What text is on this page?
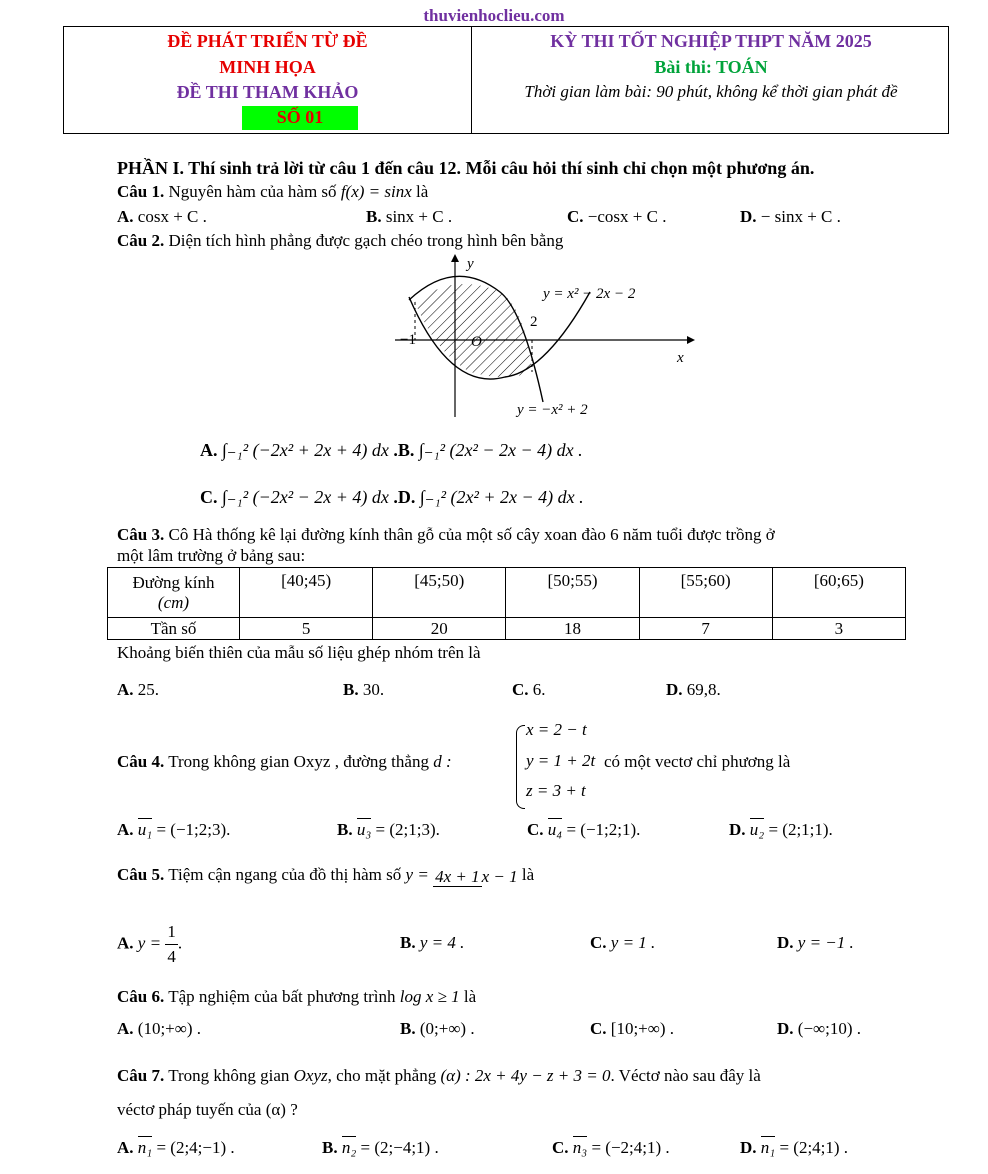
thuvienhoclieu.com
ĐỀ PHÁT TRIỂN TỪ ĐỀ
MINH HỌA
ĐỀ THI THAM KHẢO
SỐ 01
KỲ THI TỐT NGHIỆP THPT NĂM 2025
Bài thi: TOÁN
Thời gian làm bài: 90 phút, không kể thời gian phát đề
PHẦN I. Thí sinh trả lời từ câu 1 đến câu 12. Mỗi câu hỏi thí sinh chỉ chọn một phương án.
Câu 1. Nguyên hàm của hàm số f(x) = sinx là
A. cosx + C .	B. sinx + C .	C. −cosx + C .	D. − sinx + C .
Câu 2. Diện tích hình phẳng được gạch chéo trong hình bên bằng
y
x
O
−1
2
y = x² − 2x − 2
y = −x² + 2
A. ∫₋₁² (−2x² + 2x + 4) dx .B. ∫₋₁² (2x² − 2x − 4) dx .
C. ∫₋₁² (−2x² − 2x + 4) dx .D. ∫₋₁² (2x² + 2x − 4) dx .
Câu 3. Cô Hà thống kê lại đường kính thân gỗ của một số cây xoan đào 6 năm tuổi được trồng ở
một lâm trường ở bảng sau:
Đường kính
(cm)	[40;45)	[45;50)	[50;55)	[55;60)	[60;65)
Tần số	5	20	18	7	3
Khoảng biến thiên của mẫu số liệu ghép nhóm trên là
A. 25.	B. 30.	C. 6.	D. 69,8.
Câu 4. Trong không gian Oxyz , đường thẳng d :
x = 2 − t
y = 1 + 2t
z = 3 + t
có một vectơ chỉ phương là
A. u₁ = (−1;2;3).	B. u₃ = (2;1;3).	C. u₄ = (−1;2;1).	D. u₂ = (2;1;1).
Câu 5. Tiệm cận ngang của đồ thị hàm số y = 4x + 1 x − 1 là
A. $y = \frac{1}{4}$ .	B. y = 4 .	C. y = 1 .	D. y = −1 .
Câu 6. Tập nghiệm của bất phương trình log x ≥ 1 là
A. (10;+∞) .	B. (0;+∞) .	C. [10;+∞) .	D. (−∞;10) .
Câu 7. Trong không gian Oxyz, cho mặt phẳng (α) : 2x + 4y − z + 3 = 0. Véctơ nào sau đây là
véctơ pháp tuyến của (α) ?
A. n₁ = (2;4;−1) .	B. n₂ = (2;−4;1) .	C. n₃ = (−2;4;1) .	D. n₁ = (2;4;1) .
